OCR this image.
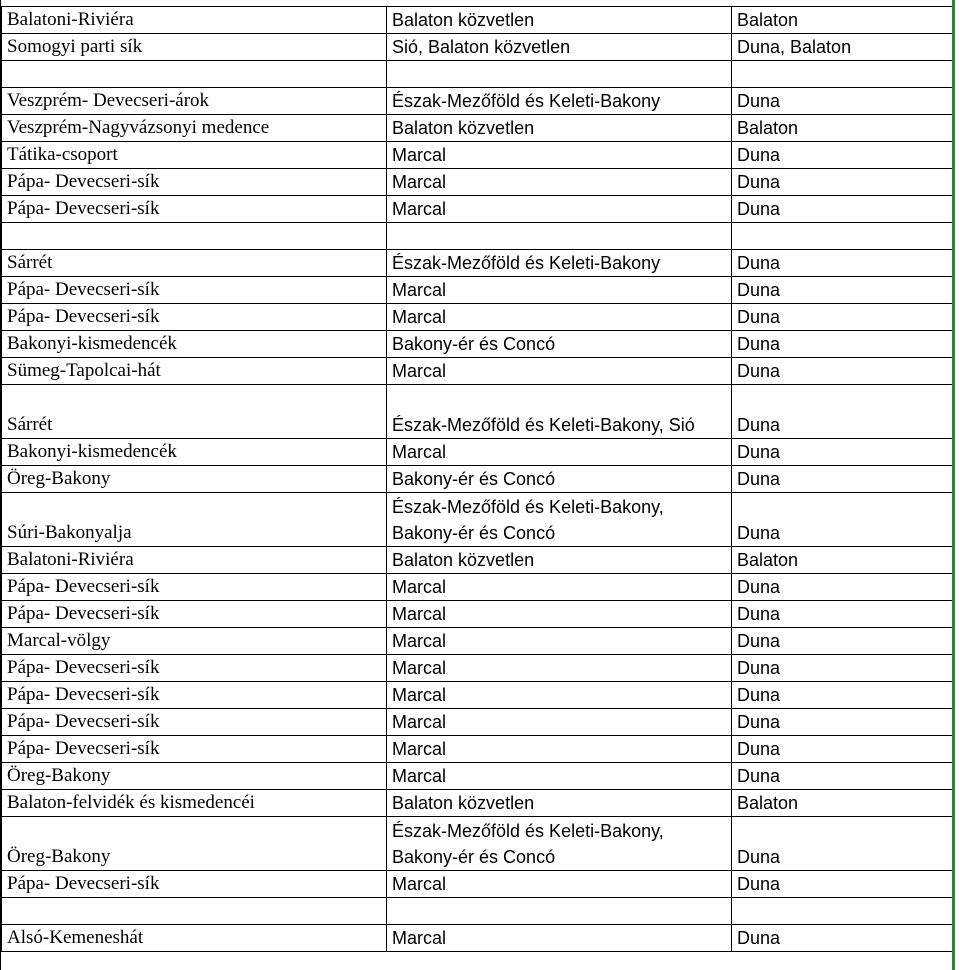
Balatoni-Riviéra	Balaton közvetlen	Balaton
Somogyi parti sík	Sió, Balaton közvetlen	Duna, Balaton

Veszprém- Devecseri-árok	Észak-Mezőföld és Keleti-Bakony	Duna
Veszprém-Nagyvázsonyi medence	Balaton közvetlen	Balaton
Tátika-csoport	Marcal	Duna
Pápa- Devecseri-sík	Marcal	Duna
Pápa- Devecseri-sík	Marcal	Duna

Sárrét	Észak-Mezőföld és Keleti-Bakony	Duna
Pápa- Devecseri-sík	Marcal	Duna
Pápa- Devecseri-sík	Marcal	Duna
Bakonyi-kismedencék	Bakony-ér és Concó	Duna
Sümeg-Tapolcai-hát	Marcal	Duna
Sárrét	Észak-Mezőföld és Keleti-Bakony, Sió	Duna
Bakonyi-kismedencék	Marcal	Duna
Öreg-Bakony	Bakony-ér és Concó	Duna
Súri-Bakonyalja	Észak-Mezőföld és Keleti-Bakony, Bakony-ér és Concó	Duna
Balatoni-Riviéra	Balaton közvetlen	Balaton
Pápa- Devecseri-sík	Marcal	Duna
Pápa- Devecseri-sík	Marcal	Duna
Marcal-völgy	Marcal	Duna
Pápa- Devecseri-sík	Marcal	Duna
Pápa- Devecseri-sík	Marcal	Duna
Pápa- Devecseri-sík	Marcal	Duna
Pápa- Devecseri-sík	Marcal	Duna
Öreg-Bakony	Marcal	Duna
Balaton-felvidék és kismedencéi	Balaton közvetlen	Balaton
Öreg-Bakony	Észak-Mezőföld és Keleti-Bakony, Bakony-ér és Concó	Duna
Pápa- Devecseri-sík	Marcal	Duna

Alsó-Kemeneshát	Marcal	Duna
